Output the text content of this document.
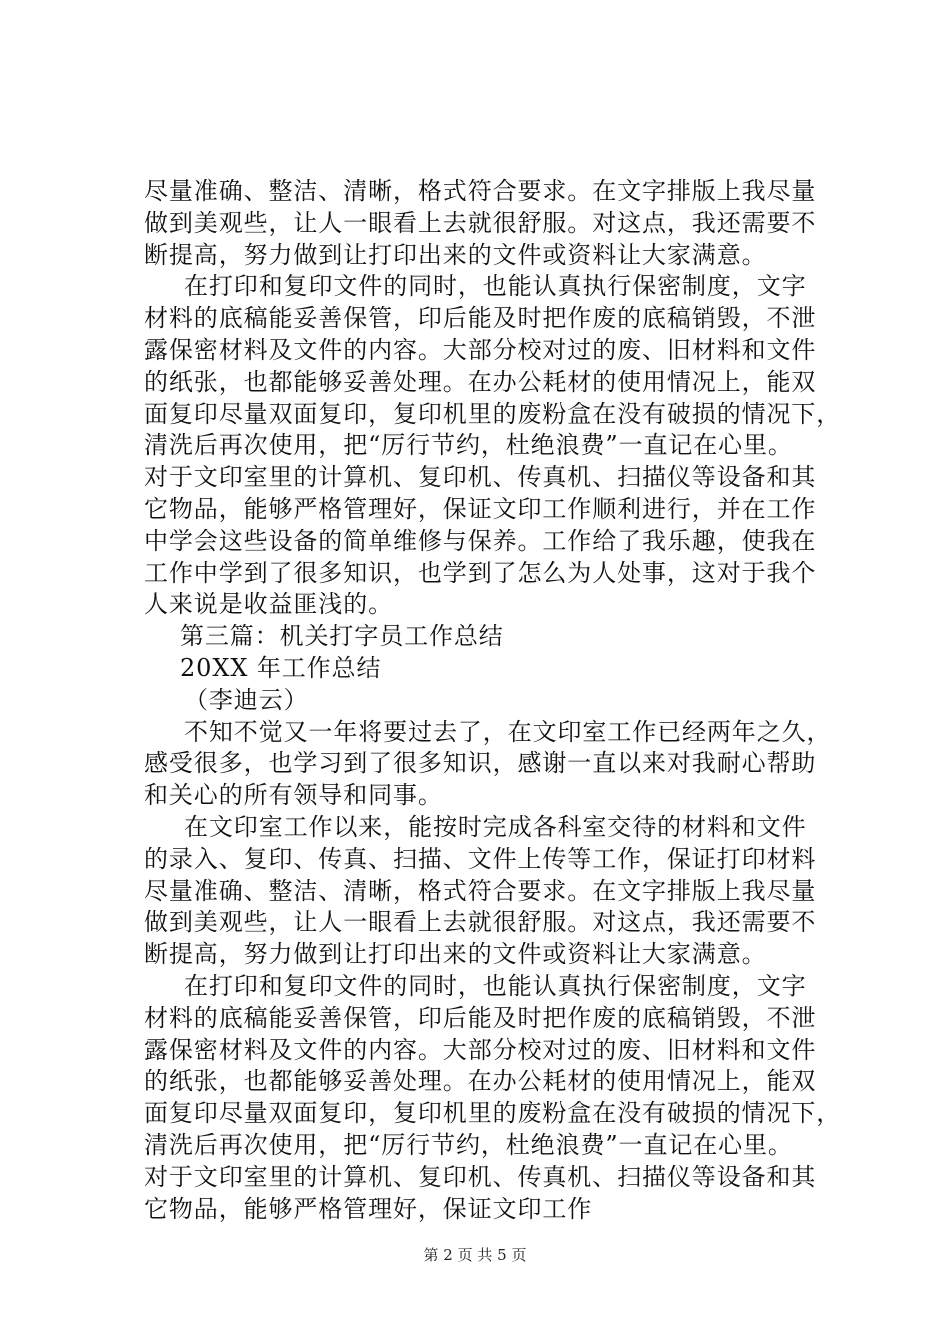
尽量准确、整洁、清晰，格式符合要求。在文字排版上我尽量
做到美观些，让人一眼看上去就很舒服。对这点，我还需要不
断提高，努力做到让打印出来的文件或资料让大家满意。
在打印和复印文件的同时，也能认真执行保密制度，文字
材料的底稿能妥善保管，印后能及时把作废的底稿销毁，不泄
露保密材料及文件的内容。大部分校对过的废、旧材料和文件
的纸张，也都能够妥善处理。在办公耗材的使用情况上，能双
面复印尽量双面复印，复印机里的废粉盒在没有破损的情况下，
清洗后再次使用，把“厉行节约，杜绝浪费”一直记在心里。
对于文印室里的计算机、复印机、传真机、扫描仪等设备和其
它物品，能够严格管理好，保证文印工作顺利进行，并在工作
中学会这些设备的简单维修与保养。工作给了我乐趣，使我在
工作中学到了很多知识，也学到了怎么为人处事，这对于我个
人来说是收益匪浅的。
第三篇：机关打字员工作总结
20XX 年工作总结
（李迪云）
不知不觉又一年将要过去了，在文印室工作已经两年之久，
感受很多，也学习到了很多知识，感谢一直以来对我耐心帮助
和关心的所有领导和同事。
在文印室工作以来，能按时完成各科室交待的材料和文件
的录入、复印、传真、扫描、文件上传等工作，保证打印材料
尽量准确、整洁、清晰，格式符合要求。在文字排版上我尽量
做到美观些，让人一眼看上去就很舒服。对这点，我还需要不
断提高，努力做到让打印出来的文件或资料让大家满意。
在打印和复印文件的同时，也能认真执行保密制度，文字
材料的底稿能妥善保管，印后能及时把作废的底稿销毁，不泄
露保密材料及文件的内容。大部分校对过的废、旧材料和文件
的纸张，也都能够妥善处理。在办公耗材的使用情况上，能双
面复印尽量双面复印，复印机里的废粉盒在没有破损的情况下，
清洗后再次使用，把“厉行节约，杜绝浪费”一直记在心里。
对于文印室里的计算机、复印机、传真机、扫描仪等设备和其
它物品，能够严格管理好，保证文印工作
第 2 页 共 5 页
